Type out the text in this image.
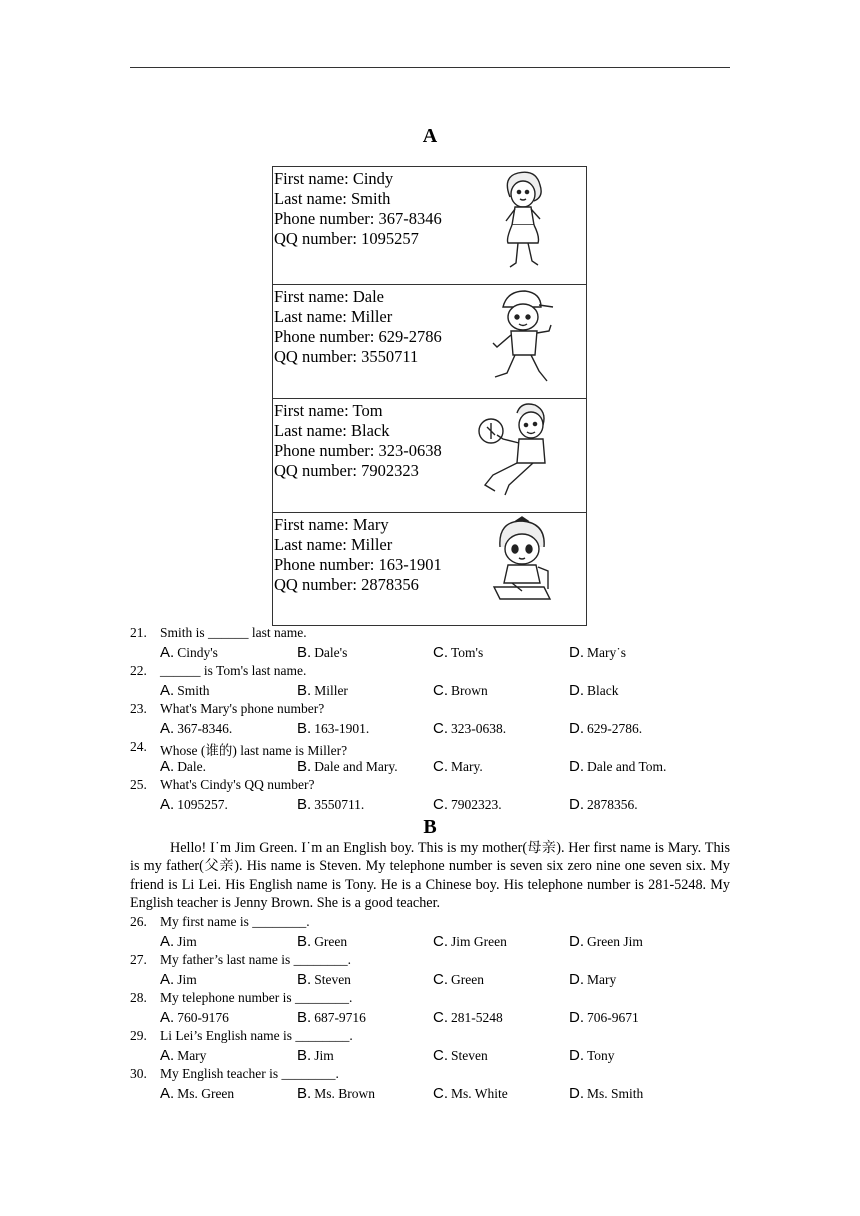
A
First name: Cindy
Last name: Smith
Phone number: 367-8346
QQ number: 1095257
First name: Dale
Last name: Miller
Phone number: 629-2786
QQ number: 3550711
First name: Tom
Last name: Black
Phone number: 323-0638
QQ number: 7902323
First name: Mary
Last name: Miller
Phone number: 163-1901
QQ number: 2878356
21. Smith is ______ last name.
A. Cindy's	B. Dale's	C. Tom's	D. Mary˙s
22. ______ is Tom's last name.
A. Smith	B. Miller	C. Brown	D. Black
23. What's Mary's phone number?
A. 367-8346.	B. 163-1901.	C. 323-0638.	D. 629-2786.
24. Whose (谁的) last name is Miller?
A. Dale.	B. Dale and Mary. C. Mary.	D. Dale and Tom.
25. What's Cindy's QQ number?
A. 1095257.	B. 3550711.	C. 7902323.	D. 2878356.
B
Hello! I˙m Jim Green. I˙m an English boy. This is my mother(母亲). Her first name is Mary. This is my father(父亲). His name is Steven. My telephone number is seven six zero nine one seven six. My friend is Li Lei. His English name is Tony. He is a Chinese boy. His telephone number is 281-5248. My English teacher is Jenny Brown. She is a good teacher.
26. My first name is ________.
A. Jim	B. Green	C. Jim Green	D. Green Jim
27. My father’s last name is ________.
A. Jim	B. Steven	C. Green	D. Mary
28. My telephone number is ________.
A. 760-9176	B. 687-9716	C. 281-5248	D. 706-9671
29. Li Lei’s English name is ________.
A. Mary	B. Jim	C. Steven	D. Tony
30. My English teacher is ________.
A. Ms. Green	B. Ms. Brown	C. Ms. White	D. Ms. Smith
